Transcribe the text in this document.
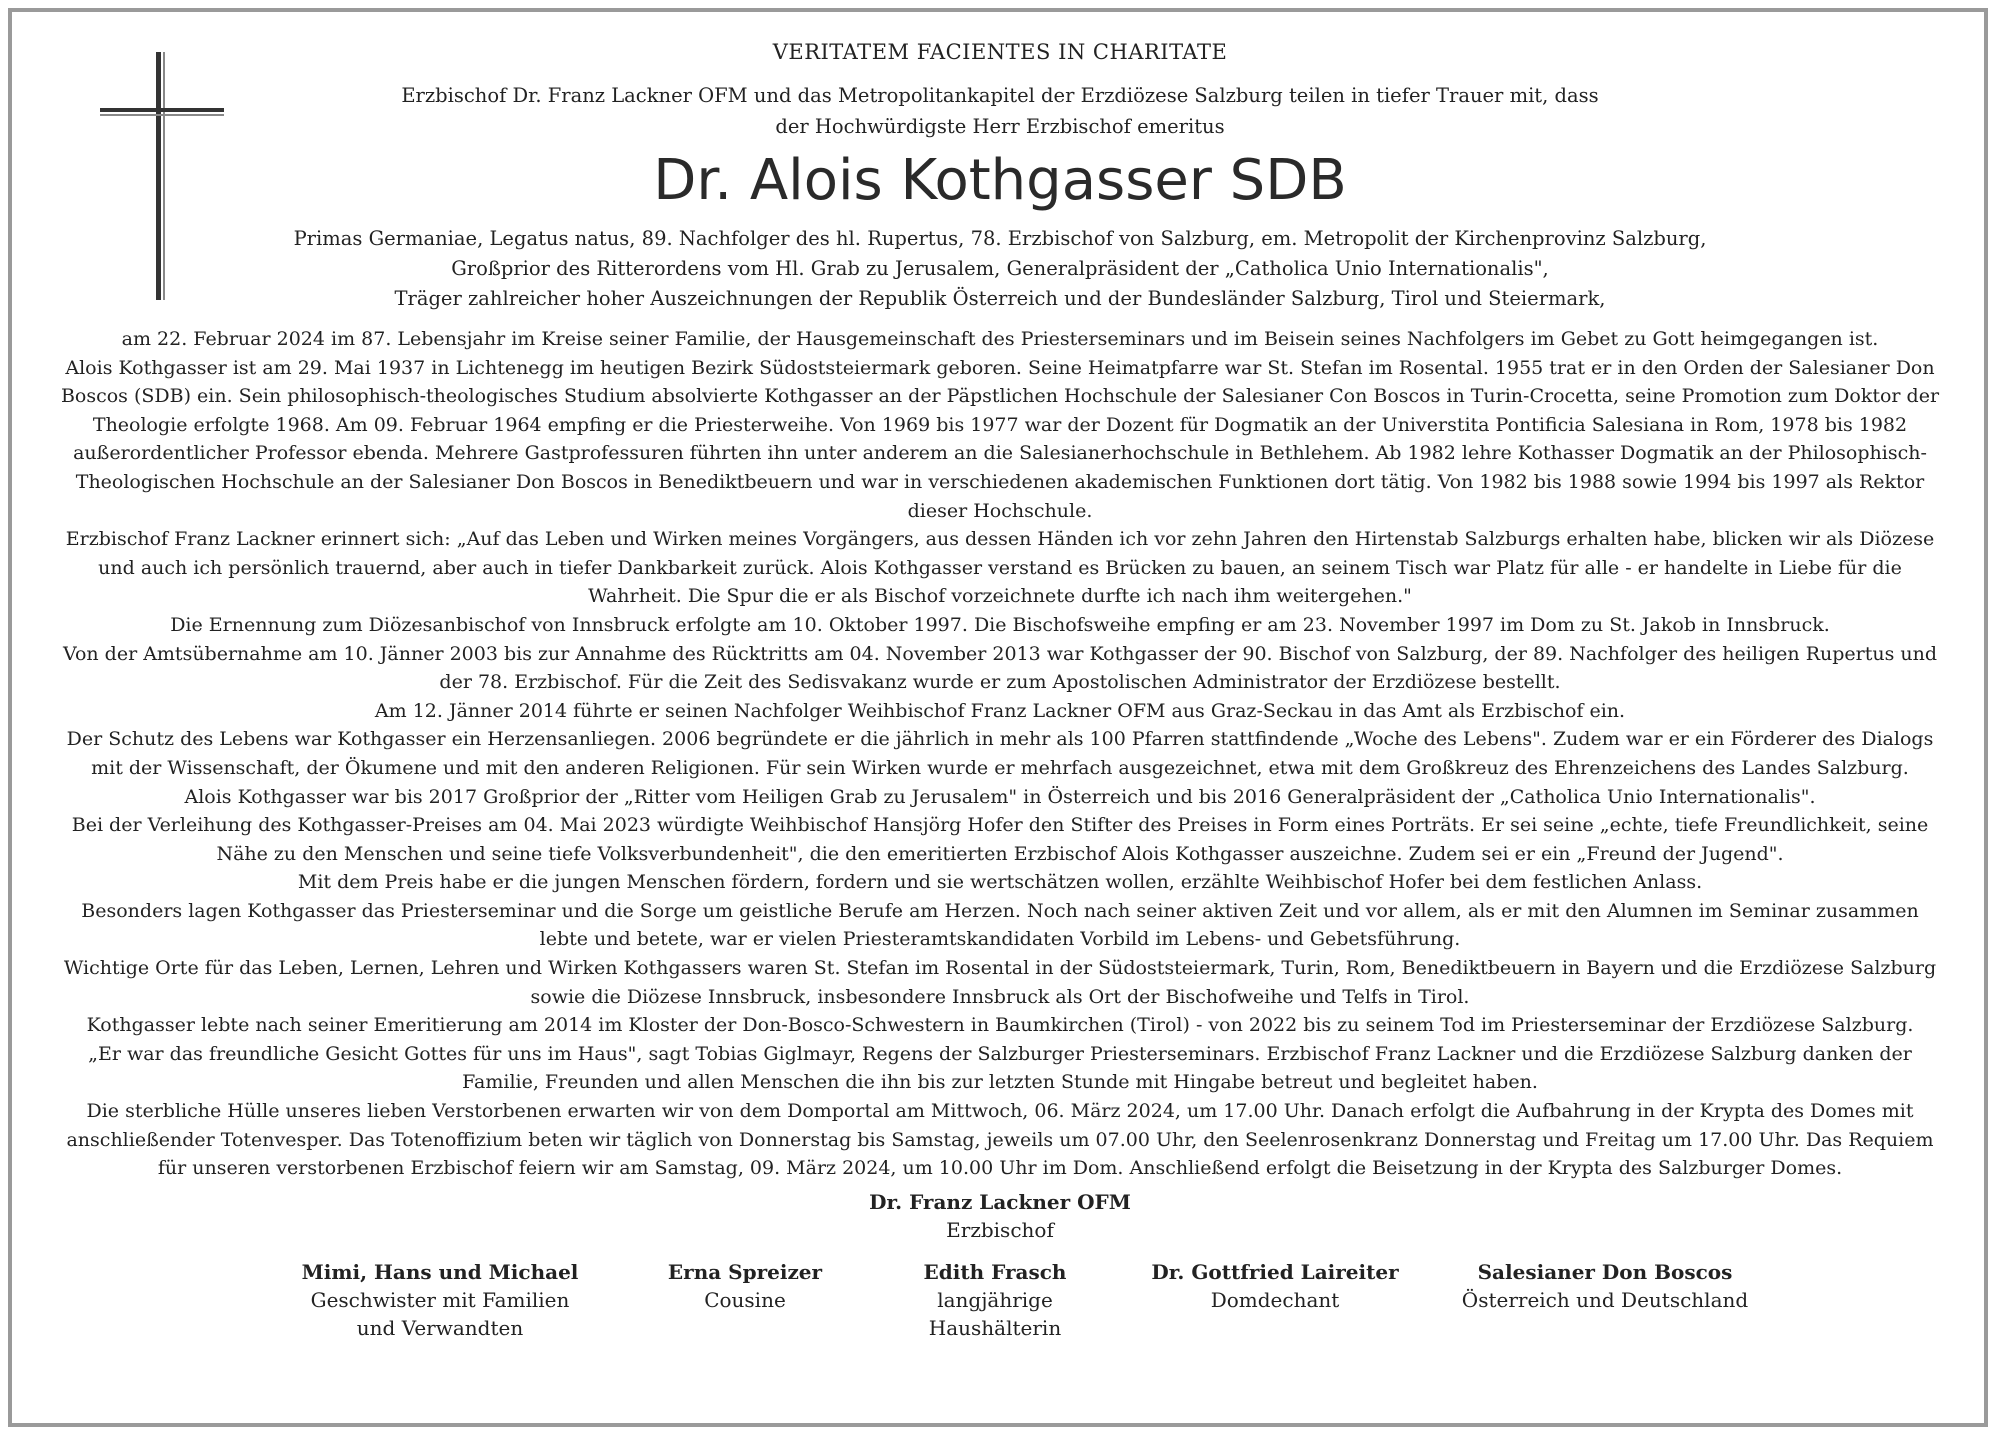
VERITATEM FACIENTES IN CHARITATE
Erzbischof Dr. Franz Lackner OFM und das Metropolitankapitel der Erzdiözese Salzburg teilen in tiefer Trauer mit, dass
der Hochwürdigste Herr Erzbischof emeritus
Dr. Alois Kothgasser SDB
Primas Germaniae, Legatus natus, 89. Nachfolger des hl. Rupertus, 78. Erzbischof von Salzburg, em. Metropolit der Kirchenprovinz Salzburg,
Großprior des Ritterordens vom Hl. Grab zu Jerusalem, Generalpräsident der „Catholica Unio Internationalis",
Träger zahlreicher hoher Auszeichnungen der Republik Österreich und der Bundesländer Salzburg, Tirol und Steiermark,

am 22. Februar 2024 im 87. Lebensjahr im Kreise seiner Familie, der Hausgemeinschaft des Priesterseminars und im Beisein seines Nachfolgers im Gebet zu Gott heimgegangen ist.

Alois Kothgasser ist am 29. Mai 1937 in Lichtenegg im heutigen Bezirk Südoststeiermark geboren. Seine Heimatpfarre war St. Stefan im Rosental. 1955 trat er in den Orden der Salesianer Don Boscos (SDB) ein. Sein philosophisch-theologisches Studium absolvierte Kothgasser an der Päpstlichen Hochschule der Salesianer Con Boscos in Turin-Crocetta, seine Promotion zum Doktor der Theologie erfolgte 1968. Am 09. Februar 1964 empfing er die Priesterweihe. Von 1969 bis 1977 war der Dozent für Dogmatik an der Universtita Pontificia Salesiana in Rom, 1978 bis 1982 außerordentlicher Professor ebenda. Mehrere Gastprofessuren führten ihn unter anderem an die Salesianerhochschule in Bethlehem. Ab 1982 lehre Kothasser Dogmatik an der Philosophisch-Theologischen Hochschule an der Salesianer Don Boscos in Benediktbeuern und war in verschiedenen akademischen Funktionen dort tätig. Von 1982 bis 1988 sowie 1994 bis 1997 als Rektor dieser Hochschule.

Erzbischof Franz Lackner erinnert sich: „Auf das Leben und Wirken meines Vorgängers, aus dessen Händen ich vor zehn Jahren den Hirtenstab Salzburgs erhalten habe, blicken wir als Diözese und auch ich persönlich trauernd, aber auch in tiefer Dankbarkeit zurück. Alois Kothgasser verstand es Brücken zu bauen, an seinem Tisch war Platz für alle - er handelte in Liebe für die Wahrheit. Die Spur die er als Bischof vorzeichnete durfte ich nach ihm weitergehen."

Die Ernennung zum Diözesanbischof von Innsbruck erfolgte am 10. Oktober 1997. Die Bischofsweihe empfing er am 23. November 1997 im Dom zu St. Jakob in Innsbruck.

Von der Amtsübernahme am 10. Jänner 2003 bis zur Annahme des Rücktritts am 04. November 2013 war Kothgasser der 90. Bischof von Salzburg, der 89. Nachfolger des heiligen Rupertus und der 78. Erzbischof. Für die Zeit des Sedisvakanz wurde er zum Apostolischen Administrator der Erzdiözese bestellt.

Am 12. Jänner 2014 führte er seinen Nachfolger Weihbischof Franz Lackner OFM aus Graz-Seckau in das Amt als Erzbischof ein.

Der Schutz des Lebens war Kothgasser ein Herzensanliegen. 2006 begründete er die jährlich in mehr als 100 Pfarren stattfindende „Woche des Lebens". Zudem war er ein Förderer des Dialogs mit der Wissenschaft, der Ökumene und mit den anderen Religionen. Für sein Wirken wurde er mehrfach ausgezeichnet, etwa mit dem Großkreuz des Ehrenzeichens des Landes Salzburg.

Alois Kothgasser war bis 2017 Großprior der „Ritter vom Heiligen Grab zu Jerusalem" in Österreich und bis 2016 Generalpräsident der „Catholica Unio Internationalis".

Bei der Verleihung des Kothgasser-Preises am 04. Mai 2023 würdigte Weihbischof Hansjörg Hofer den Stifter des Preises in Form eines Porträts. Er sei seine „echte, tiefe Freundlichkeit, seine Nähe zu den Menschen und seine tiefe Volksverbundenheit", die den emeritierten Erzbischof Alois Kothgasser auszeichne. Zudem sei er ein „Freund der Jugend".

Mit dem Preis habe er die jungen Menschen fördern, fordern und sie wertschätzen wollen, erzählte Weihbischof Hofer bei dem festlichen Anlass.

Besonders lagen Kothgasser das Priesterseminar und die Sorge um geistliche Berufe am Herzen. Noch nach seiner aktiven Zeit und vor allem, als er mit den Alumnen im Seminar zusammen lebte und betete, war er vielen Priesteramtskandidaten Vorbild im Lebens- und Gebetsführung.

Wichtige Orte für das Leben, Lernen, Lehren und Wirken Kothgassers waren St. Stefan im Rosental in der Südoststeiermark, Turin, Rom, Benediktbeuern in Bayern und die Erzdiözese Salzburg sowie die Diözese Innsbruck, insbesondere Innsbruck als Ort der Bischofweihe und Telfs in Tirol.

Kothgasser lebte nach seiner Emeritierung am 2014 im Kloster der Don-Bosco-Schwestern in Baumkirchen (Tirol) - von 2022 bis zu seinem Tod im Priesterseminar der Erzdiözese Salzburg.

„Er war das freundliche Gesicht Gottes für uns im Haus", sagt Tobias Giglmayr, Regens der Salzburger Priesterseminars. Erzbischof Franz Lackner und die Erzdiözese Salzburg danken der Familie, Freunden und allen Menschen die ihn bis zur letzten Stunde mit Hingabe betreut und begleitet haben.

Die sterbliche Hülle unseres lieben Verstorbenen erwarten wir von dem Domportal am Mittwoch, 06. März 2024, um 17.00 Uhr. Danach erfolgt die Aufbahrung in der Krypta des Domes mit anschließender Totenvesper. Das Totenoffizium beten wir täglich von Donnerstag bis Samstag, jeweils um 07.00 Uhr, den Seelenrosenkranz Donnerstag und Freitag um 17.00 Uhr. Das Requiem für unseren verstorbenen Erzbischof feiern wir am Samstag, 09. März 2024, um 10.00 Uhr im Dom. Anschließend erfolgt die Beisetzung in der Krypta des Salzburger Domes.

Dr. Franz Lackner OFM
Erzbischof
Mimi, Hans und Michael
Geschwister mit Familien
und Verwandten
Erna Spreizer
Cousine
Edith Frasch
langjährige
Haushälterin
Dr. Gottfried Laireiter
Domdechant
Salesianer Don Boscos
Österreich und Deutschland
